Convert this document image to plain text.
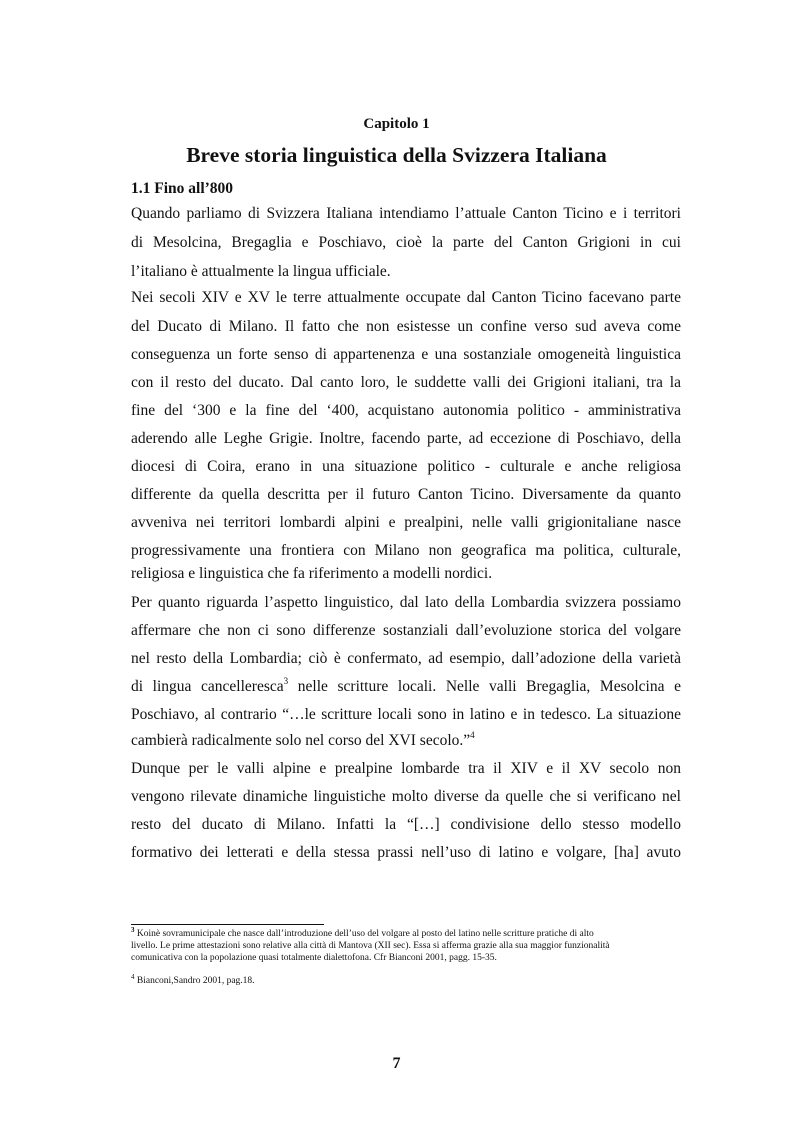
Capitolo 1
Breve storia linguistica della Svizzera Italiana
1.1 Fino all’800
Quando parliamo di Svizzera Italiana intendiamo l’attuale Canton Ticino e i territori
di Mesolcina, Bregaglia e Poschiavo, cioè la parte del Canton Grigioni in cui
l’italiano è attualmente la lingua ufficiale.
Nei secoli XIV e XV le terre attualmente occupate dal Canton Ticino facevano parte
del Ducato di Milano. Il fatto che non esistesse un confine verso sud aveva come
conseguenza un forte senso di appartenenza e una sostanziale omogeneità linguistica
con il resto del ducato. Dal canto loro, le suddette valli dei Grigioni italiani, tra la
fine del ‘300 e la fine del ‘400, acquistano autonomia politico - amministrativa
aderendo alle Leghe Grigie. Inoltre, facendo parte, ad eccezione di Poschiavo, della
diocesi di Coira, erano in una situazione politico - culturale e anche religiosa
differente da quella descritta per il futuro Canton Ticino. Diversamente da quanto
avveniva nei territori lombardi alpini e prealpini, nelle valli grigionitaliane nasce
progressivamente una frontiera con Milano non geografica ma politica, culturale,
religiosa e linguistica che fa riferimento a modelli nordici.
Per quanto riguarda l’aspetto linguistico, dal lato della Lombardia svizzera possiamo
affermare che non ci sono differenze sostanziali dall’evoluzione storica del volgare
nel resto della Lombardia; ciò è confermato, ad esempio, dall’adozione della varietà
di lingua cancelleresca$^3$ nelle scritture locali. Nelle valli Bregaglia, Mesolcina e
Poschiavo, al contrario “…le scritture locali sono in latino e in tedesco. La situazione
cambierà radicalmente solo nel corso del XVI secolo.”$^4$
Dunque per le valli alpine e prealpine lombarde tra il XIV e il XV secolo non
vengono rilevate dinamiche linguistiche molto diverse da quelle che si verificano nel
resto del ducato di Milano. Infatti la “[…] condivisione dello stesso modello
formativo dei letterati e della stessa prassi nell’uso di latino e volgare, [ha] avuto
$^3$ Koinè sovramunicipale che nasce dall’introduzione dell’uso del volgare al posto del latino nelle scritture pratiche di alto
livello. Le prime attestazioni sono relative alla città di Mantova (XII sec). Essa si afferma grazie alla sua maggior funzionalità
comunicativa con la popolazione quasi totalmente dialettofona. Cfr Bianconi 2001, pagg. 15-35.
$^4$ Bianconi,Sandro 2001, pag.18.
7
